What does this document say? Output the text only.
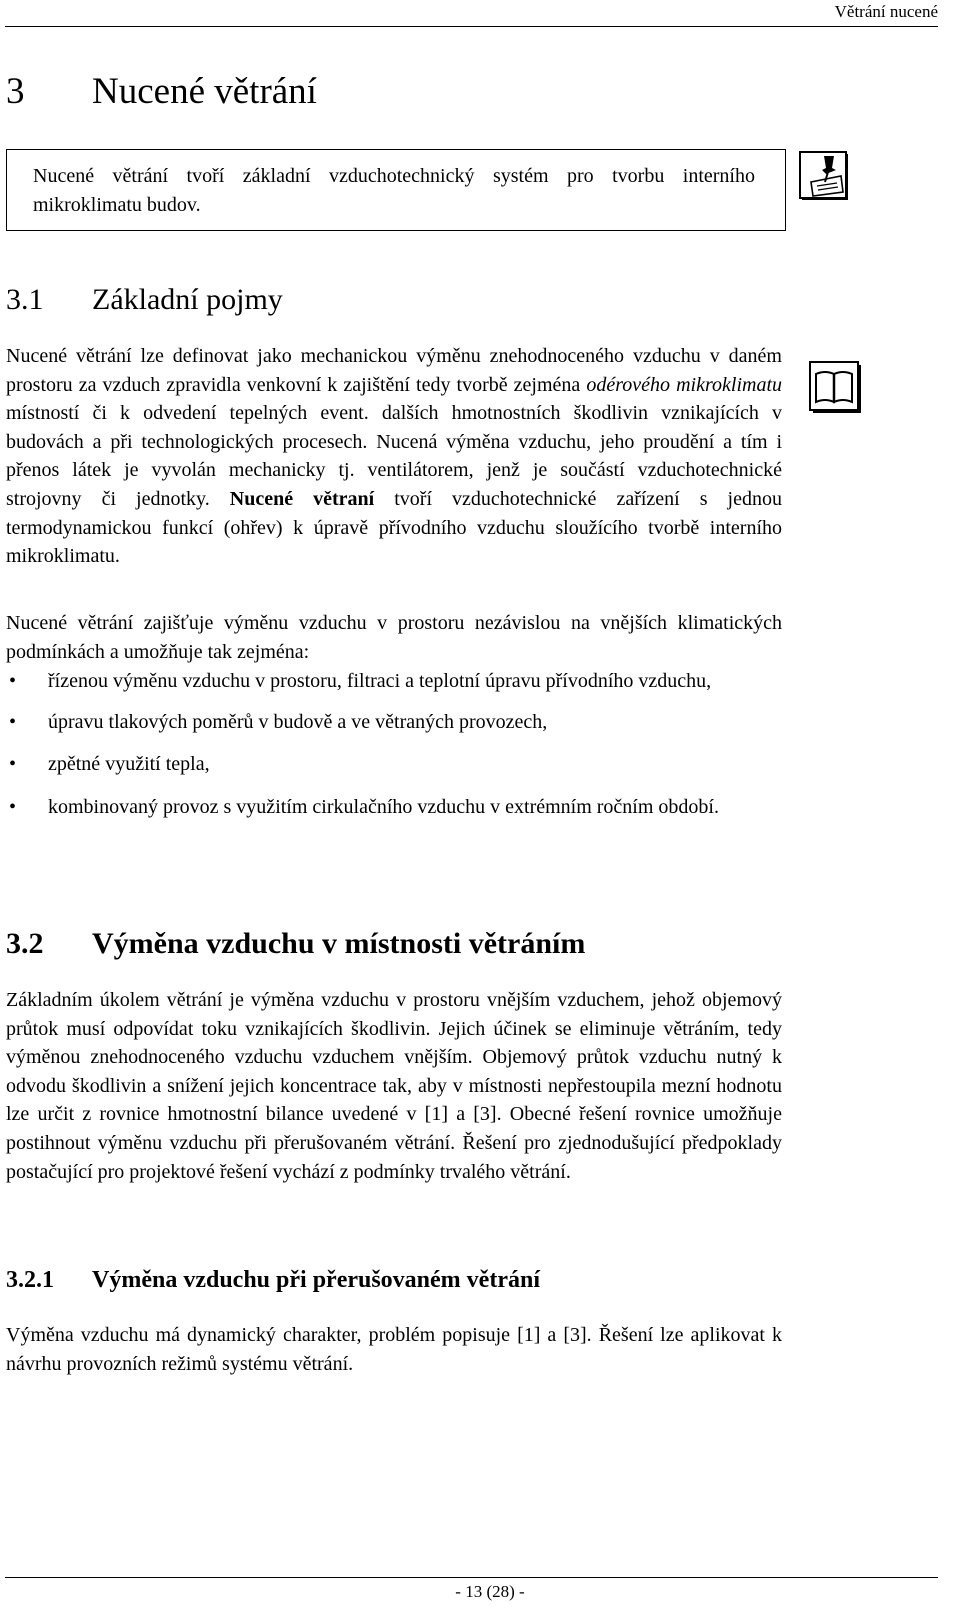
Větrání nucené
3 Nucené větrání
Nucené větrání tvoří základní vzduchotechnický systém pro tvorbu interního mikroklimatu budov.
3.1 Základní pojmy
Nucené větrání lze definovat jako mechanickou výměnu znehodnoceného vzduchu v daném prostoru za vzduch zpravidla venkovní k zajištění tedy tvorbě zejména odérového mikroklimatu místností či k odvedení tepelných event. dalších hmotnostních škodlivin vznikajících v budovách a při technologických procesech. Nucená výměna vzduchu, jeho proudění a tím i přenos látek je vyvolán mechanicky tj. ventilátorem, jenž je součástí vzduchotechnické strojovny či jednotky. Nucené větraní tvoří vzduchotechnické zařízení s jednou termodynamickou funkcí (ohřev) k úpravě přívodního vzduchu sloužícího tvorbě interního mikroklimatu.
Nucené větrání zajišťuje výměnu vzduchu v prostoru nezávislou na vnějších klimatických podmínkách a umožňuje tak zejména:
• řízenou výměnu vzduchu v prostoru, filtraci a teplotní úpravu přívodního vzduchu,
• úpravu tlakových poměrů v budově a ve větraných provozech,
• zpětné využití tepla,
• kombinovaný provoz s využitím cirkulačního vzduchu v extrémním ročním období.
3.2 Výměna vzduchu v místnosti větráním
Základním úkolem větrání je výměna vzduchu v prostoru vnějším vzduchem, jehož objemový průtok musí odpovídat toku vznikajících škodlivin. Jejich účinek se eliminuje větráním, tedy výměnou znehodnoceného vzduchu vzduchem vnějším. Objemový průtok vzduchu nutný k odvodu škodlivin a snížení jejich koncentrace tak, aby v místnosti nepřestoupila mezní hodnotu lze určit z rovnice hmotnostní bilance uvedené v [1] a [3]. Obecné řešení rovnice umožňuje postihnout výměnu vzduchu při přerušovaném větrání. Řešení pro zjednodušující předpoklady postačující pro projektové řešení vychází z podmínky trvalého větrání.
3.2.1 Výměna vzduchu při přerušovaném větrání
Výměna vzduchu má dynamický charakter, problém popisuje [1] a [3]. Řešení lze aplikovat k návrhu provozních režimů systému větrání.
- 13 (28) -
